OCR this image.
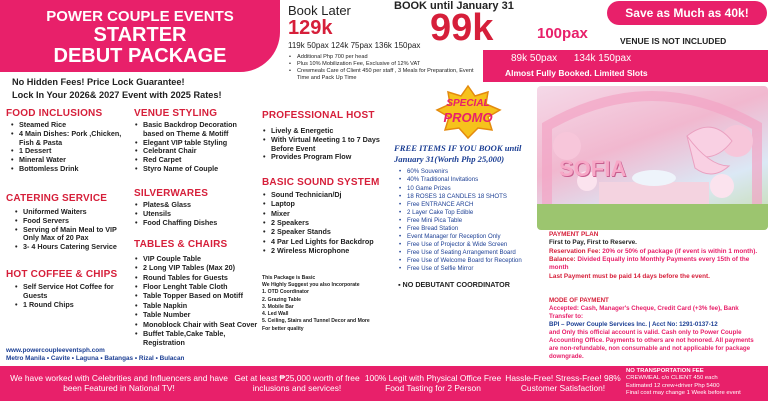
POWER COUPLE EVENTS
STARTER
DEBUT PACKAGE
No Hidden Fees! Price Lock Guarantee!
Lock In Your 2026& 2027 Event with 2025 Rates!
Book Later
129k
119k 50pax 124k 75pax 136k 150pax
• Additional Php 700 per head
• Plus 10% Mobilization Fee, Exclusive of 12% VAT
• Crewmeals Care of Client 450 per staff , 3 Meals for Preparation, Event Time and Pack Up Time
BOOK until January 31
99k	100pax
Save as Much as 40k!
VENUE IS NOT INCLUDED
89k 50pax      134k 150pax
Almost Fully Booked. Limited Slots
FOOD INCLUSIONS
• Steamed Rice
• 4 Main Dishes: Pork ,Chicken, Fish & Pasta
• 1 Dessert
• Mineral Water
• Bottomless Drink
CATERING SERVICE
• Uniformed Waiters
• Food Servers
• Serving of Main Meal to VIP Only Max of 20 Pax
• 3- 4 Hours Catering Service
HOT COFFEE & CHIPS
• Self Service Hot Coffee for Guests
• 1 Round Chips
www.powercoupleeventsph.com
Metro Manila • Cavite • Laguna • Batangas • Rizal • Bulacan
VENUE STYLING
• Basic Backdrop Decoration based on Theme & Motiff
• Elegant VIP table Styling
• Celebrant Chair
• Red Carpet
• Styro Name of Couple
SILVERWARES
• Plates& Glass
• Utensils
• Food Chaffing Dishes
TABLES & CHAIRS
• VIP Couple Table
• 2 Long VIP Tables (Max 20)
• Round Tables for Guests
• Floor Lenght Table Cloth
• Table Topper Based on Motiff
• Table Napkin
• Table Number
• Monoblock Chair with Seat Cover
• Buffet Table,Cake Table, Registration
PROFESSIONAL HOST
• Lively & Energetic
• With Virtual Meeting 1 to 7 Days Before Event
• Provides Program Flow
BASIC SOUND SYSTEM
• Sound Technician/Dj
• Laptop
• Mixer
• 2 Speakers
• 2 Speaker Stands
• 4 Par Led Lights for Backdrop
• 2 Wireless Microphone
This Package is Basic
We Highly Suggest you also Incorporate
1. OTD Coordinator
2. Grazing Table
3. Mobile Bar
4. Led Wall
5. Ceiling, Stairs and Tunnel Decor and More
For better quality
SPECIAL
PROMO
FREE ITEMS IF YOU BOOK until January 31(Worth Php 25,000)
• 60% Souvenirs
• 40% Traditional Invitations
• 10 Game Prizes
• 18 ROSES 18 CANDLES 18 SHOTS
• Free ENTRANCE ARCH
• 2 Layer Cake Top Edible
• Free Mini Pica Table
• Free Bread Station
• Event Manager for Reception Only
• Free Use of Projector & Wide Screen
• Free Use of Seating Arrangement Board
• Free Use of Welcome Board for Reception
• Free Use of Selfie Mirror
▪ NO DEBUTANT COORDINATOR
SOFIA
PAYMENT PLAN
First to Pay, First to Reserve.
Reservation Fee: 20% or 50% of package (if event is within 1 month).
Balance: Divided Equally into Monthly Payments every 15th of the month
Last Payment must be paid 14 days before the event.
MODE OF PAYMENT
Accepted: Cash, Manager's Cheque, Credit Card (+3% fee), Bank Transfer to:
BPI – Power Couple Services Inc. | Acct No: 1291-0137-12
and Only this official account is valid. Cash only to Power Couple Accounting Office. Payments to others are not honored. All payments are non-refundable, non consumable and not applicable for package downgrade.
We have worked with Celebrities and Influencers and have been Featured in National TV!
Get at least ₱25,000 worth of free inclusions and services!
100% Legit with Physical Office Free Food Tasting for 2 Person
Hassle-Free! Stress-Free! 98% Customer Satisfaction!
NO TRANSPORTATION FEE
CREWMEAL c/o CLIENT 450 each
Estimated 12 crew+driver Php 5400
Final cost may change 1 Week before event
